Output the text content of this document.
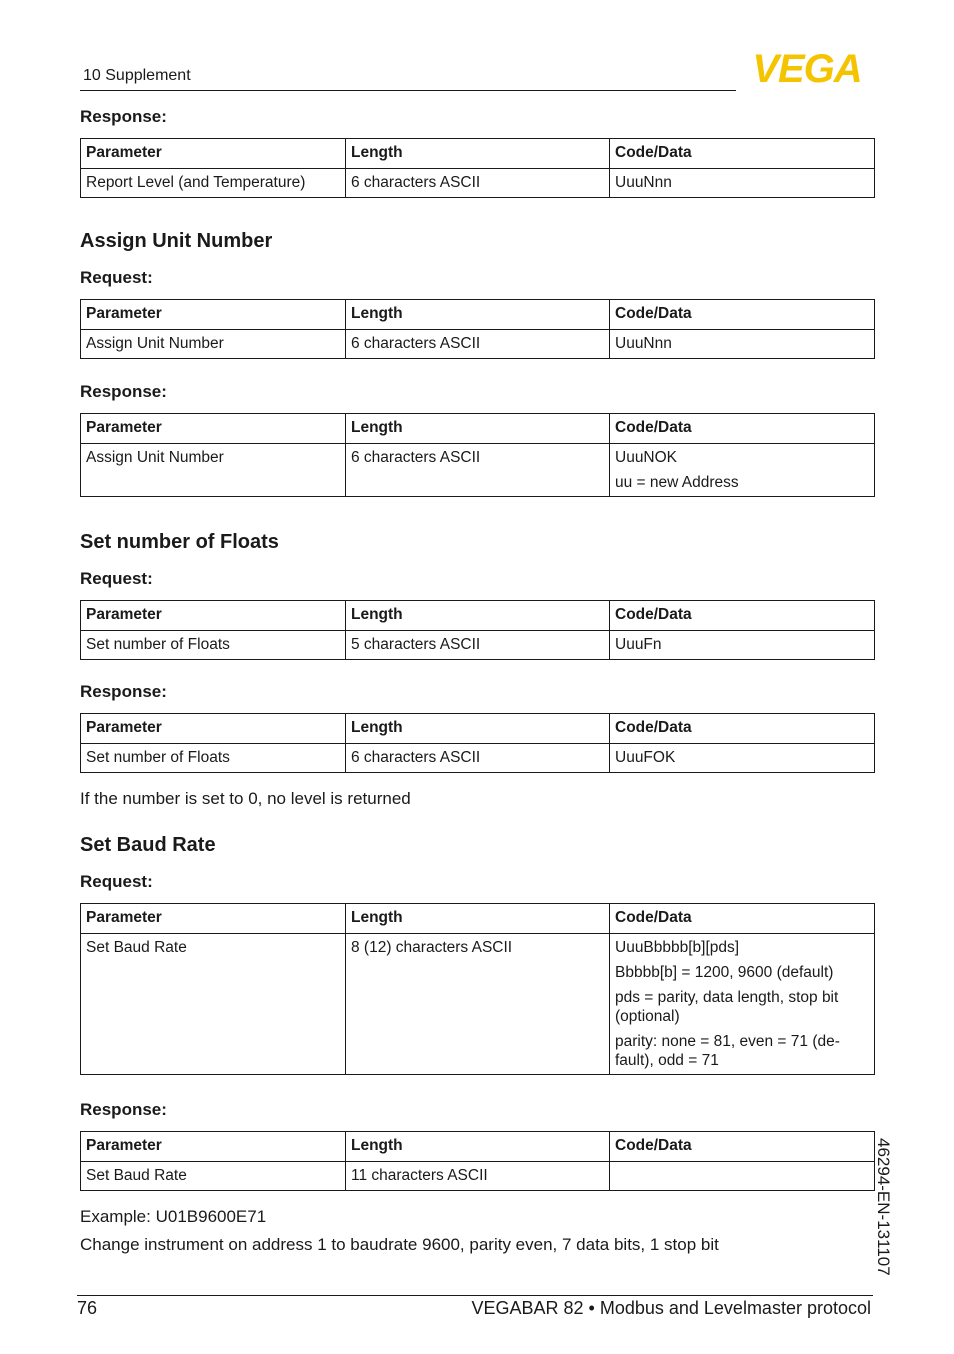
10 Supplement	VEGA
Response:
Parameter	Length	Code/Data
Report Level (and Temperature)	6 characters ASCII	UuuNnn
Assign Unit Number
Request:
Parameter	Length	Code/Data
Assign Unit Number	6 characters ASCII	UuuNnn
Response:
Parameter	Length	Code/Data
Assign Unit Number	6 characters ASCII	UuuNOK

uu = new Address

Set number of Floats
Request:
Parameter	Length	Code/Data
Set number of Floats	5 characters ASCII	UuuFn
Response:
Parameter	Length	Code/Data
Set number of Floats	6 characters ASCII	UuuFOK
If the number is set to 0, no level is returned
Set Baud Rate
Request:
Parameter	Length	Code/Data
Set Baud Rate	8 (12) characters ASCII	UuuBbbbb[b][pds]

Bbbbb[b] = 1200, 9600 (default)

pds = parity, data length, stop bit (optional)

parity: none = 81, even = 71 (de-fault), odd = 71

Response:
Parameter	Length	Code/Data
Set Baud Rate	11 characters ASCII	
Example: U01B9600E71
Change instrument on address 1 to baudrate 9600, parity even, 7 data bits, 1 stop bit	46294-EN-131107
76	VEGABAR 82 • Modbus and Levelmaster protocol
